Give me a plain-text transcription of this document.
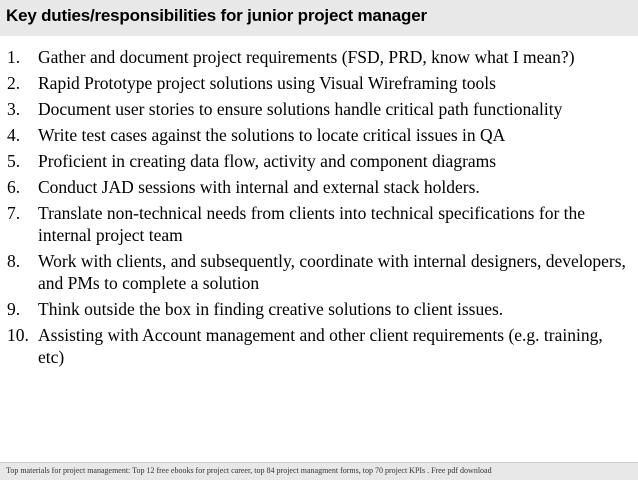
Key duties/responsibilities for junior project manager
1. Gather and document project requirements (FSD, PRD, know what I mean?)
2. Rapid Prototype project solutions using Visual Wireframing tools
3. Document user stories to ensure solutions handle critical path functionality
4. Write test cases against the solutions to locate critical issues in QA
5. Proficient in creating data flow, activity and component diagrams
6. Conduct JAD sessions with internal and external stack holders.
7. Translate non-technical needs from clients into technical specifications for the internal project team
8. Work with clients, and subsequently, coordinate with internal designers, developers, and PMs to complete a solution
9. Think outside the box in finding creative solutions to client issues.
10. Assisting with Account management and other client requirements (e.g. training, etc)
Top materials for project management: Top 12 free ebooks for project career, top 84 project managment forms, top 70 project KPIs . Free pdf download
